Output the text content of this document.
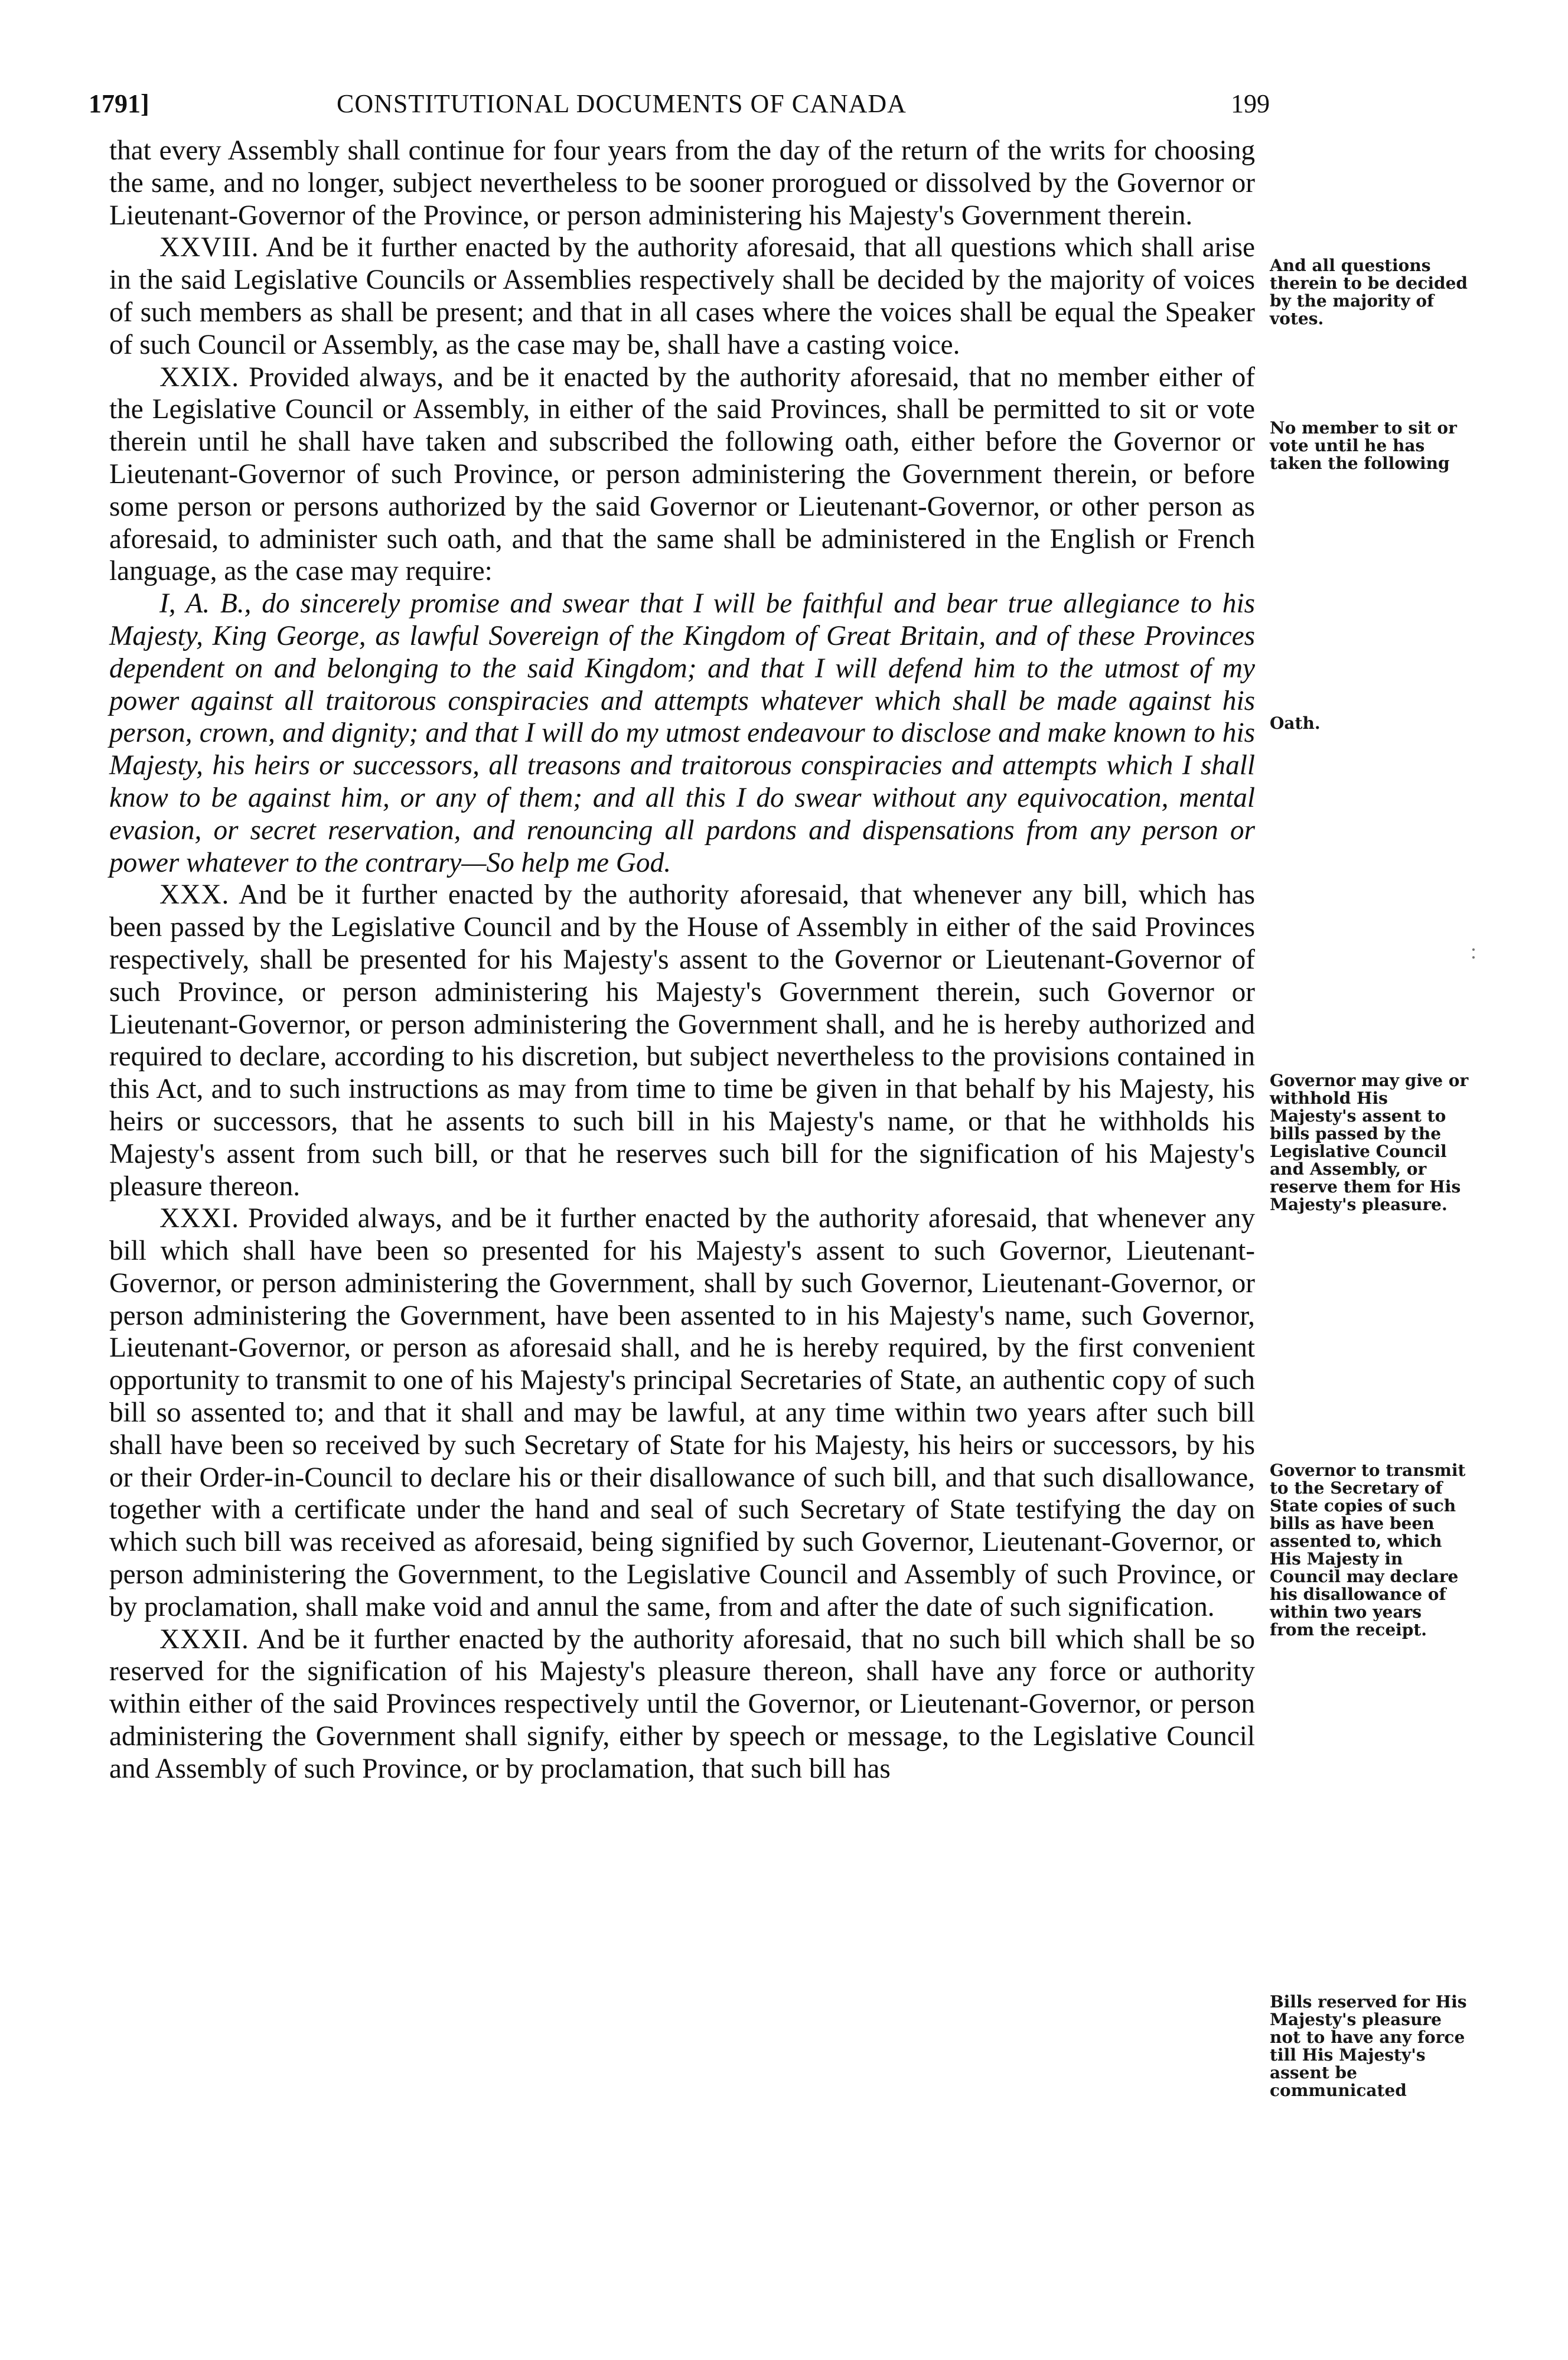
1791]	CONSTITUTIONAL DOCUMENTS OF CANADA	199

that every Assembly shall continue for four years from the day of the return of the writs for choosing the same, and no longer, subject nevertheless to be sooner prorogued or dissolved by the Governor or Lieutenant-Governor of the Province, or person administering his Majesty's Government therein.

XXVIII. And be it further enacted by the authority aforesaid, that all questions which shall arise in the said Legislative Councils or Assemblies respectively shall be decided by the majority of voices of such members as shall be present; and that in all cases where the voices shall be equal the Speaker of such Council or Assembly, as the case may be, shall have a casting voice.

XXIX. Provided always, and be it enacted by the authority aforesaid, that no member either of the Legislative Council or Assembly, in either of the said Provinces, shall be permitted to sit or vote therein until he shall have taken and subscribed the following oath, either before the Governor or Lieutenant-Governor of such Province, or person administering the Government therein, or before some person or persons authorized by the said Governor or Lieutenant-Governor, or other person as aforesaid, to administer such oath, and that the same shall be administered in the English or French language, as the case may require:

I, A. B., do sincerely promise and swear that I will be faithful and bear true allegiance to his Majesty, King George, as lawful Sovereign of the Kingdom of Great Britain, and of these Provinces dependent on and belonging to the said Kingdom; and that I will defend him to the utmost of my power against all traitorous conspiracies and attempts whatever which shall be made against his person, crown, and dignity; and that I will do my utmost endeavour to disclose and make known to his Majesty, his heirs or successors, all treasons and traitorous conspiracies and attempts which I shall know to be against him, or any of them; and all this I do swear without any equivocation, mental evasion, or secret reservation, and renouncing all pardons and dispensations from any person or power whatever to the contrary—So help me God.

XXX. And be it further enacted by the authority aforesaid, that whenever any bill, which has been passed by the Legislative Council and by the House of Assembly in either of the said Provinces respectively, shall be presented for his Majesty's assent to the Governor or Lieutenant-Governor of such Province, or person administering his Majesty's Government therein, such Governor or Lieutenant-Governor, or person administering the Government shall, and he is hereby authorized and required to declare, according to his discretion, but subject nevertheless to the provisions contained in this Act, and to such instructions as may from time to time be given in that behalf by his Majesty, his heirs or successors, that he assents to such bill in his Majesty's name, or that he withholds his Majesty's assent from such bill, or that he reserves such bill for the signification of his Majesty's pleasure thereon.

XXXI. Provided always, and be it further enacted by the authority aforesaid, that whenever any bill which shall have been so presented for his Majesty's assent to such Governor, Lieutenant-Governor, or person administering the Government, shall by such Governor, Lieutenant-Governor, or person administering the Government, have been assented to in his Majesty's name, such Governor, Lieutenant-Governor, or person as aforesaid shall, and he is hereby required, by the first convenient opportunity to transmit to one of his Majesty's principal Secretaries of State, an authentic copy of such bill so assented to; and that it shall and may be lawful, at any time within two years after such bill shall have been so received by such Secretary of State for his Majesty, his heirs or successors, by his or their Order-in-Council to declare his or their disallowance of such bill, and that such disallowance, together with a certificate under the hand and seal of such Secretary of State testifying the day on which such bill was received as aforesaid, being signified by such Governor, Lieutenant-Governor, or person administering the Government, to the Legislative Council and Assembly of such Province, or by proclamation, shall make void and annul the same, from and after the date of such signification.

XXXII. And be it further enacted by the authority aforesaid, that no such bill which shall be so reserved for the signification of his Majesty's pleasure thereon, shall have any force or authority within either of the said Provinces respectively until the Governor, or Lieutenant-Governor, or person administering the Government shall signify, either by speech or message, to the Legislative Council and Assembly of such Province, or by proclamation, that such bill has

And all questions therein to be decided by the majority of votes.
No member to sit or vote until he has taken the following
Oath.
Governor may give or withhold His Majesty's assent to bills passed by the Legislative Council and Assembly, or reserve them for His Majesty's pleasure.
Governor to transmit to the Secretary of State copies of such bills as have been assented to, which His Majesty in Council may declare his disallowance of within two years from the receipt.
Bills reserved for His Majesty's pleasure not to have any force till His Majesty's assent be communicated
:
